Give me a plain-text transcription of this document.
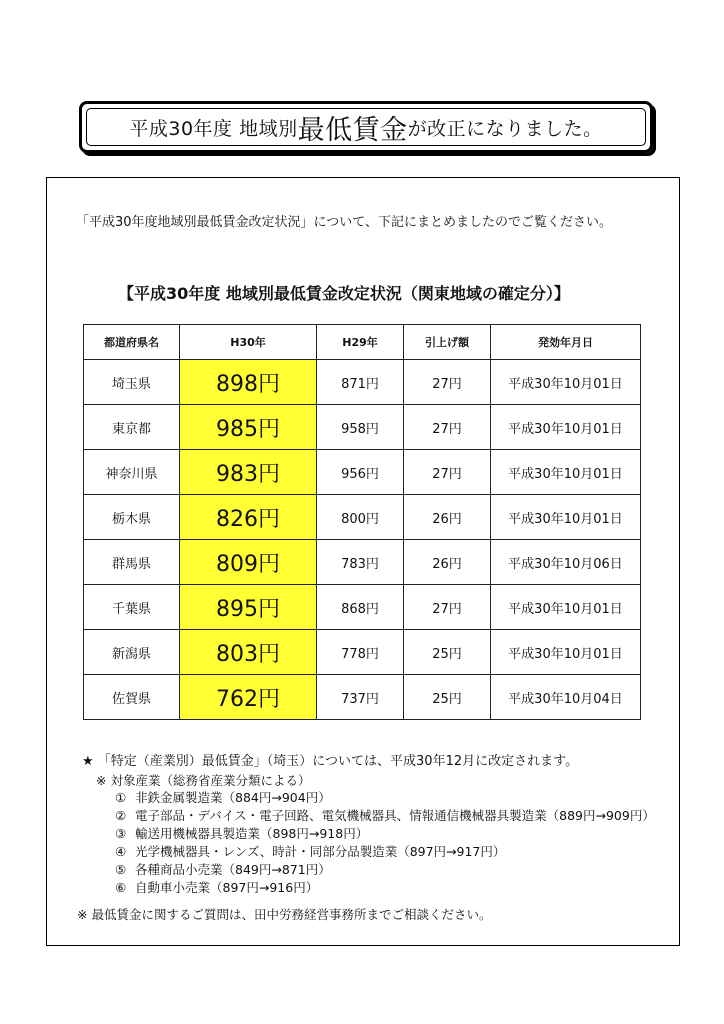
平成30年度 地域別 最低賃金 が改正になりました。
「平成30年度地域別最低賃金改定状況」について、下記にまとめましたのでご覧ください。
【平成30年度 地域別最低賃金改定状況（関東地域の確定分）】
都道府県名	H30年	H29年	引上げ額	発効年月日
埼玉県	898円	871円	27円	平成30年10月01日
東京都	985円	958円	27円	平成30年10月01日
神奈川県	983円	956円	27円	平成30年10月01日
栃木県	826円	800円	26円	平成30年10月01日
群馬県	809円	783円	26円	平成30年10月06日
千葉県	895円	868円	27円	平成30年10月01日
新潟県	803円	778円	25円	平成30年10月01日
佐賀県	762円	737円	25円	平成30年10月04日
★ 「特定（産業別）最低賃金」（埼玉）については、平成30年12月に改定されます。
※ 対象産業（総務省産業分類による）
① 非鉄金属製造業（884円→904円）
② 電子部品・デバイス・電子回路、電気機械器具、情報通信機械器具製造業（889円→909円）
③ 輸送用機械器具製造業（898円→918円）
④ 光学機械器具・レンズ、時計・同部分品製造業（897円→917円）
⑤ 各種商品小売業（849円→871円）
⑥ 自動車小売業（897円→916円）
※ 最低賃金に関するご質問は、田中労務経営事務所までご相談ください。
